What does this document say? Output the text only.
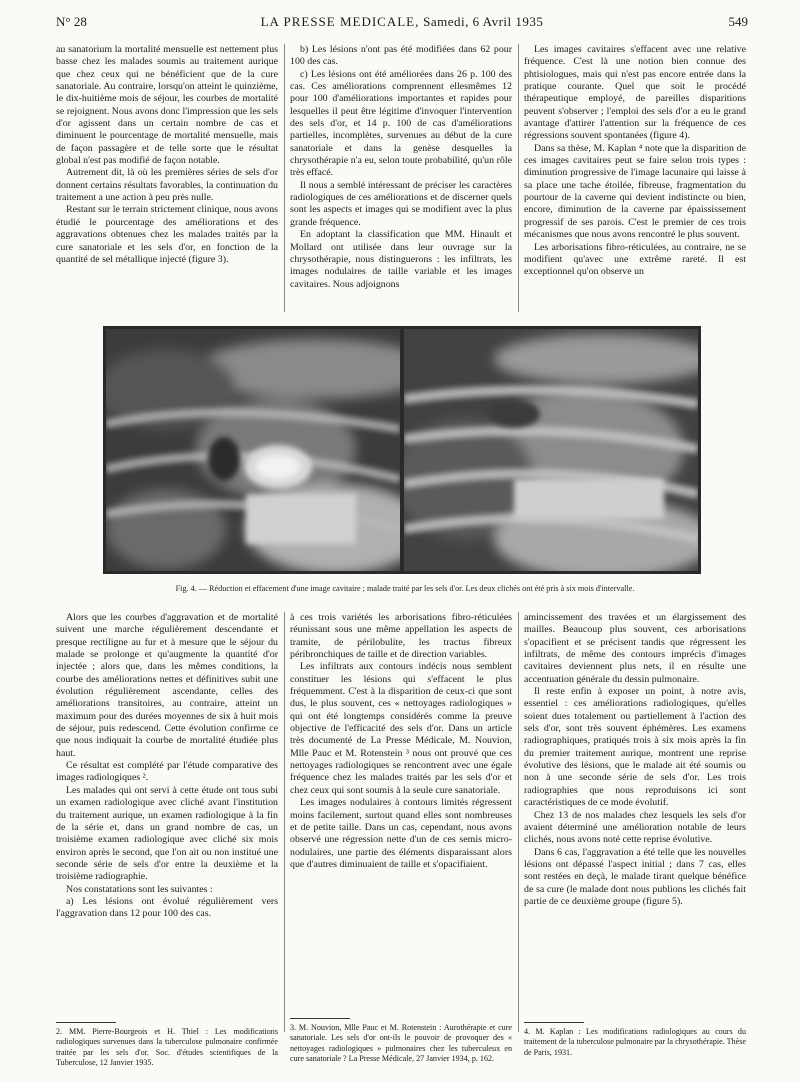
N° 28	LA PRESSE MEDICALE, Samedi, 6 Avril 1935	549

au sanatorium la mortalité mensuelle est nettement plus basse chez les malades soumis au traitement aurique que chez ceux qui ne bénéficient que de la cure sanatoriale. Au contraire, lorsqu'on atteint le quinzième, le dix-huitième mois de séjour, les courbes de mortalité se rejoignent. Nous avons donc l'impression que les sels d'or agissent dans un certain nombre de cas et diminuent le pourcentage de mortalité mensuelle, mais de façon passagère et de telle sorte que le résultat global n'est pas modifié de façon notable.

Autrement dit, là où les premières séries de sels d'or donnent certains résultats favorables, la continuation du traitement a une action à peu près nulle.

Restant sur le terrain strictement clinique, nous avons étudié le pourcentage des améliorations et des aggravations obtenues chez les malades traités par la cure sanatoriale et les sels d'or, en fonction de la quantité de sel métallique injecté (figure 3).

b) Les lésions n'ont pas été modifiées dans 62 pour 100 des cas.

c) Les lésions ont été améliorées dans 26 p. 100 des cas. Ces améliorations comprennent ellesmêmes 12 pour 100 d'améliorations importantes et rapides pour lesquelles il peut être légitime d'invoquer l'intervention des sels d'or, et 14 p. 100 de cas d'améliorations partielles, incomplètes, survenues au début de la cure sanatoriale et dans la genèse desquelles la chrysothérapie n'a eu, selon toute probabilité, qu'un rôle très effacé.

Il nous a semblé intéressant de préciser les caractères radiologiques de ces améliorations et de discerner quels sont les aspects et images qui se modifient avec la plus grande fréquence.

En adoptant la classification que MM. Hinault et Mollard ont utilisée dans leur ouvrage sur la chrysothérapie, nous distinguerons : les infiltrats, les images nodulaires de taille variable et les images cavitaires. Nous adjoignons

Les images cavitaires s'effacent avec une relative fréquence. C'est là une notion bien connue des phtisiologues, mais qui n'est pas encore entrée dans la pratique courante. Quel que soit le procédé thérapeutique employé, de pareilles disparitions peuvent s'observer ; l'emploi des sels d'or a eu le grand avantage d'attirer l'attention sur la fréquence de ces régressions souvent spontanées (figure 4).

Dans sa thèse, M. Kaplan ⁴ note que la disparition de ces images cavitaires peut se faire selon trois types : diminution progressive de l'image lacunaire qui laisse à sa place une tache étoilée, fibreuse, fragmentation du pourtour de la caverne qui devient indistincte ou bien, encore, diminution de la caverne par épaississement progressif de ses parois. C'est le premier de ces trois mécanismes que nous avons rencontré le plus souvent.

Les arborisations fibro-réticulées, au contraire, ne se modifient qu'avec une extrême rareté. Il est exceptionnel qu'on observe un

Fig. 4. — Réduction et effacement d'une image cavitaire ; malade traité par les sels d'or. Les deux clichés ont été pris à six mois d'intervalle.

Alors que les courbes d'aggravation et de mortalité suivent une marche régulièrement descendante et presque rectiligne au fur et à mesure que le séjour du malade se prolonge et qu'augmente la quantité d'or injectée ; alors que, dans les mêmes conditions, la courbe des améliorations nettes et définitives subit une évolution régulièrement ascendante, celles des améliorations transitoires, au contraire, atteint un maximum pour des durées moyennes de six à huit mois de séjour, puis redescend. Cette évolution confirme ce que nous indiquait la courbe de mortalité étudiée plus haut.

Ce résultat est complété par l'étude comparative des images radiologiques ².

Les malades qui ont servi à cette étude ont tous subi un examen radiologique avec cliché avant l'institution du traitement aurique, un examen radiologique à la fin de la série et, dans un grand nombre de cas, un troisième examen radiologique avec cliché six mois environ après le second, que l'on ait ou non institué une seconde série de sels d'or entre la deuxième et la troisième radiographie.

Nos constatations sont les suivantes :

a) Les lésions ont évolué régulièrement vers l'aggravation dans 12 pour 100 des cas.

à ces trois variétés les arborisations fibro-réticulées réunissant sous une même appellation les aspects de tramite, de périlobulite, les tractus fibreux péribronchiques de taille et de direction variables.

Les infiltrats aux contours indécis nous semblent constituer les lésions qui s'effacent le plus fréquemment. C'est à la disparition de ceux-ci que sont dus, le plus souvent, ces « nettoyages radiologiques » qui ont été longtemps considérés comme la preuve objective de l'efficacité des sels d'or. Dans un article très documenté de La Presse Médicale, M. Nouvion, Mlle Pauc et M. Rotenstein ³ nous ont prouvé que ces nettoyages radiologiques se rencontrent avec une égale fréquence chez les malades traités par les sels d'or et chez ceux qui sont soumis à la seule cure sanatoriale.

Les images nodulaires à contours limités régressent moins facilement, surtout quand elles sont nombreuses et de petite taille. Dans un cas, cependant, nous avons observé une régression nette d'un de ces semis micro-nodulaires, une partie des éléments disparaissant alors que d'autres diminuaient de taille et s'opacifiaient.

amincissement des travées et un élargissement des mailles. Beaucoup plus souvent, ces arborisations s'opacifient et se précisent tandis que régressent les infiltrats, de même des contours imprécis d'images cavitaires deviennent plus nets, il en résulte une accentuation générale du dessin pulmonaire.

Il reste enfin à exposer un point, à notre avis, essentiel : ces améliorations radiologiques, qu'elles soient dues totalement ou partiellement à l'action des sels d'or, sont très souvent éphémères. Les examens radiographiques, pratiqués trois à six mois après la fin du premier traitement aurique, montrent une reprise évolutive des lésions, que le malade ait été soumis ou non à une seconde série de sels d'or. Les trois radiographies que nous reproduisons ici sont caractéristiques de ce mode évolutif.

Chez 13 de nos malades chez lesquels les sels d'or avaient déterminé une amélioration notable de leurs clichés, nous avons noté cette reprise évolutive.

Dans 6 cas, l'aggravation a été telle que les nouvelles lésions ont dépassé l'aspect initial ; dans 7 cas, elles sont restées en deçà, le malade tirant quelque bénéfice de sa cure (le malade dont nous publions les clichés fait partie de ce deuxième groupe (figure 5).

2. MM. Pierre-Bourgeois et H. Thiel : Les modifications radiologiques survenues dans la tuberculose pulmonaire confirmée traitée par les sels d'or. Soc. d'études scientifiques de la Tuberculose, 12 Janvier 1935.
3. M. Nouvion, Mlle Pauc et M. Rotenstein : Aurothérapie et cure sanatoriale. Les sels d'or ont-ils le pouvoir de provoquer des « nettoyages radiologiques » pulmonaires chez les tuberculeux en cure sanatoriale ? La Presse Médicale, 27 Janvier 1934, p. 162.
4. M. Kaplan : Les modifications radiologiques au cours du traitement de la tuberculose pulmonaire par la chrysothérapie. Thèse de Paris, 1931.
